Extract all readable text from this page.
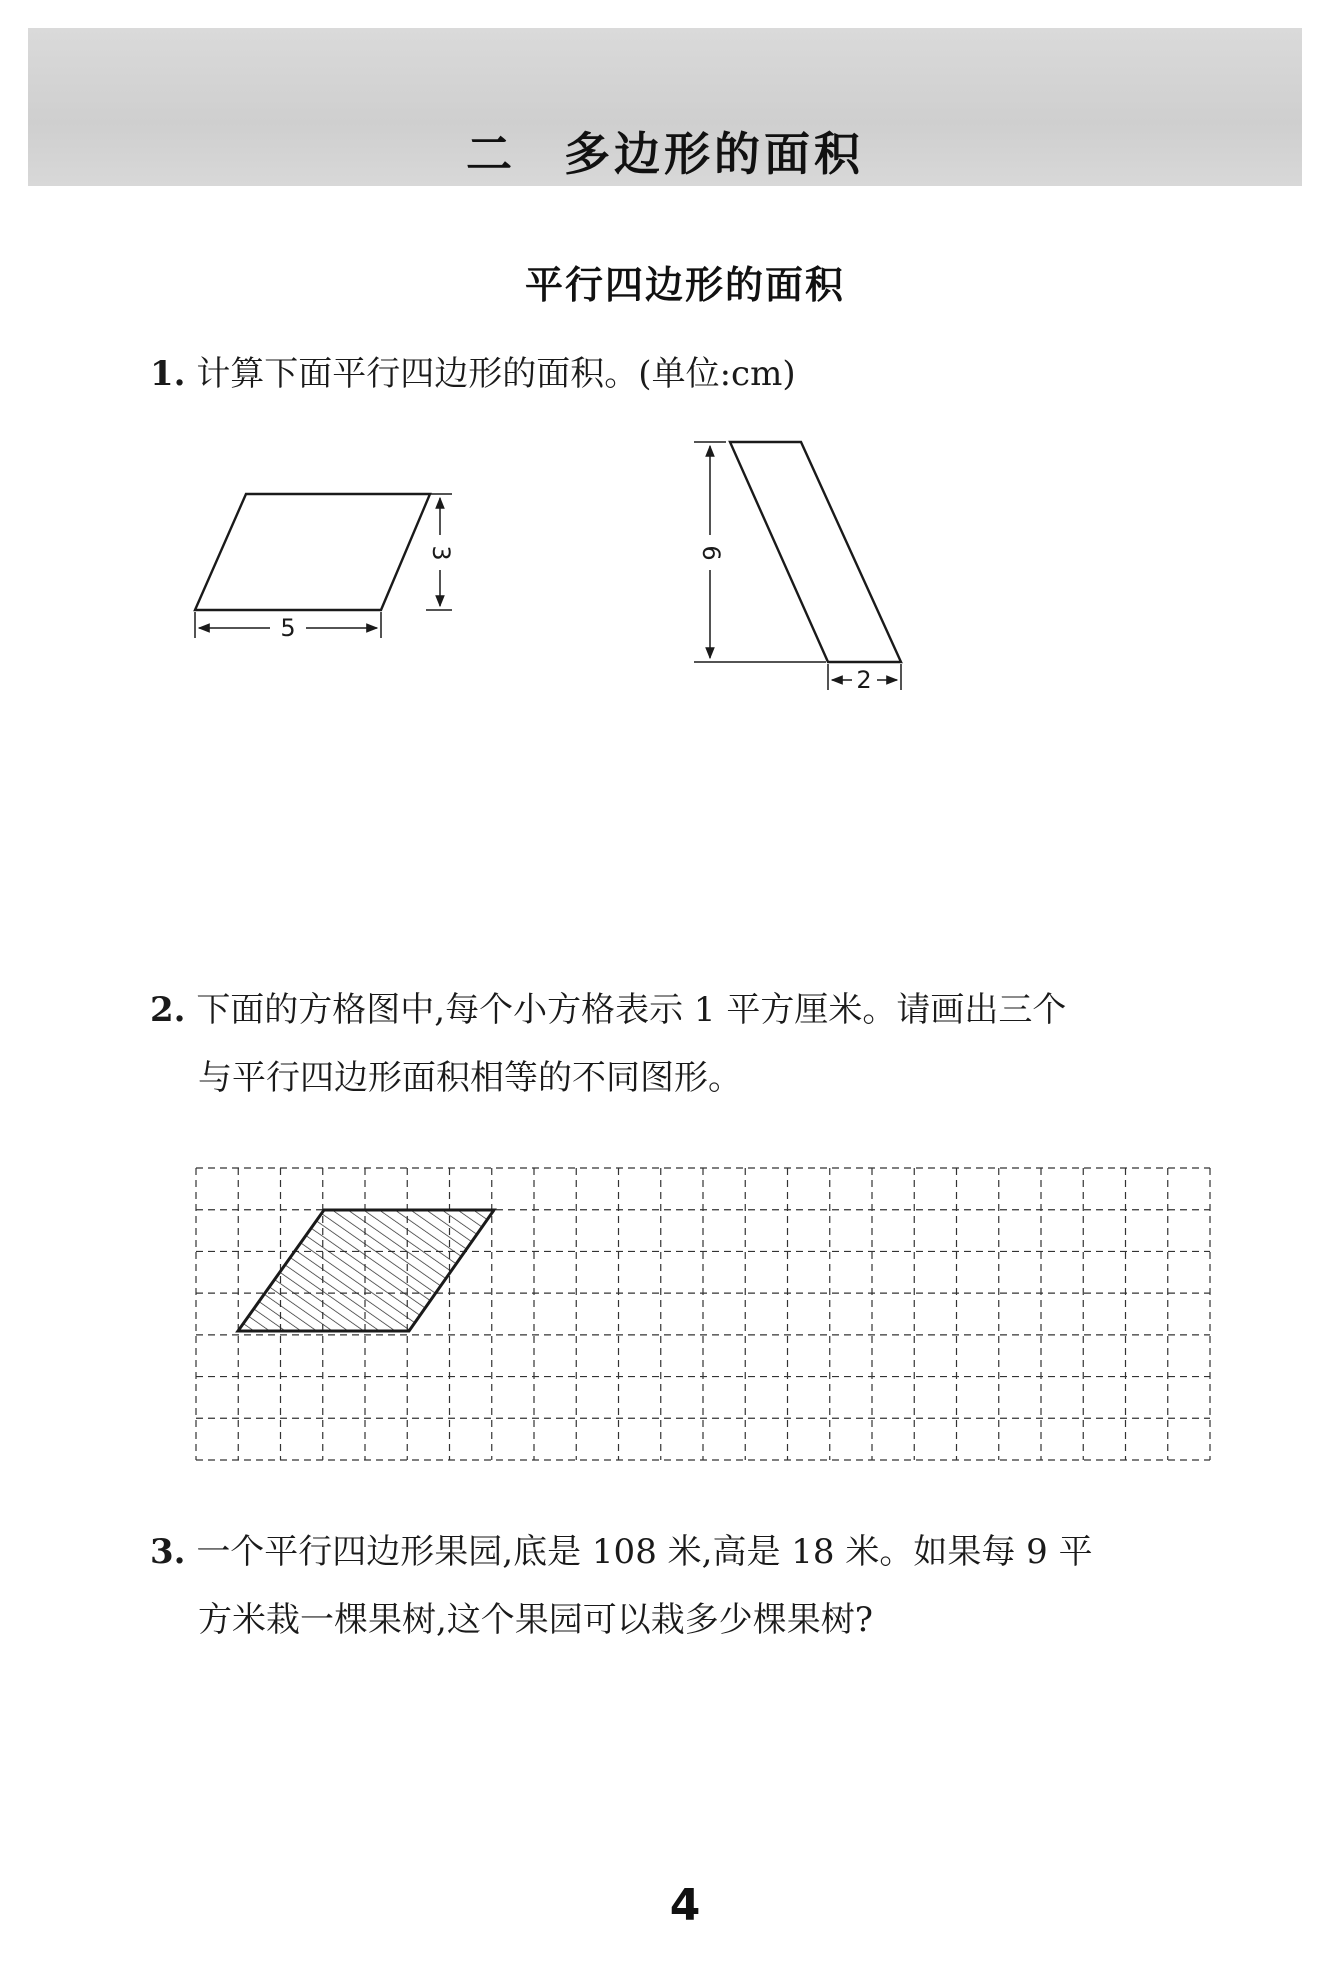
二 多边形的面积
平行四边形的面积
1. 计算下面平行四边形的面积。(单位:cm)
3
5
6
2
2. 下面的方格图中,每个小方格表示 1 平方厘米。请画出三个
与平行四边形面积相等的不同图形。
3. 一个平行四边形果园,底是 108 米,高是 18 米。如果每 9 平
方米栽一棵果树,这个果园可以栽多少棵果树?
4
